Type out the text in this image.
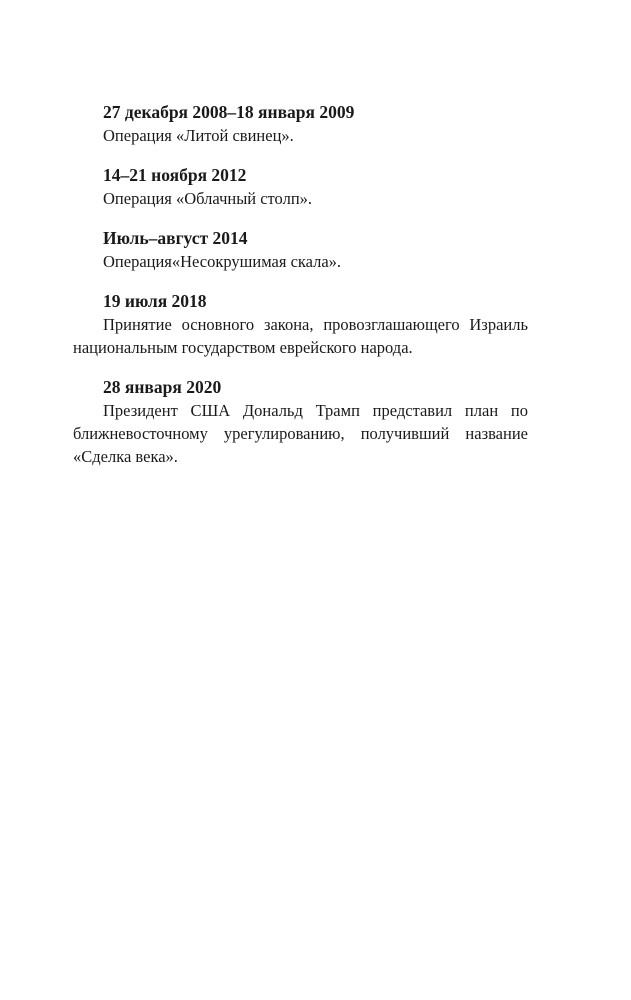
27 декабря 2008–18 января 2009

Операция «Литой свинец».

14–21 ноября 2012

Операция «Облачный столп».

Июль–август 2014

Операция«Несокрушимая скала».

19 июля 2018

Принятие основного закона, провозглашающего Израиль национальным государством еврейского народа.

28 января 2020

Президент США Дональд Трамп представил план по ближневосточному урегулированию, получивший название «Сделка века».
